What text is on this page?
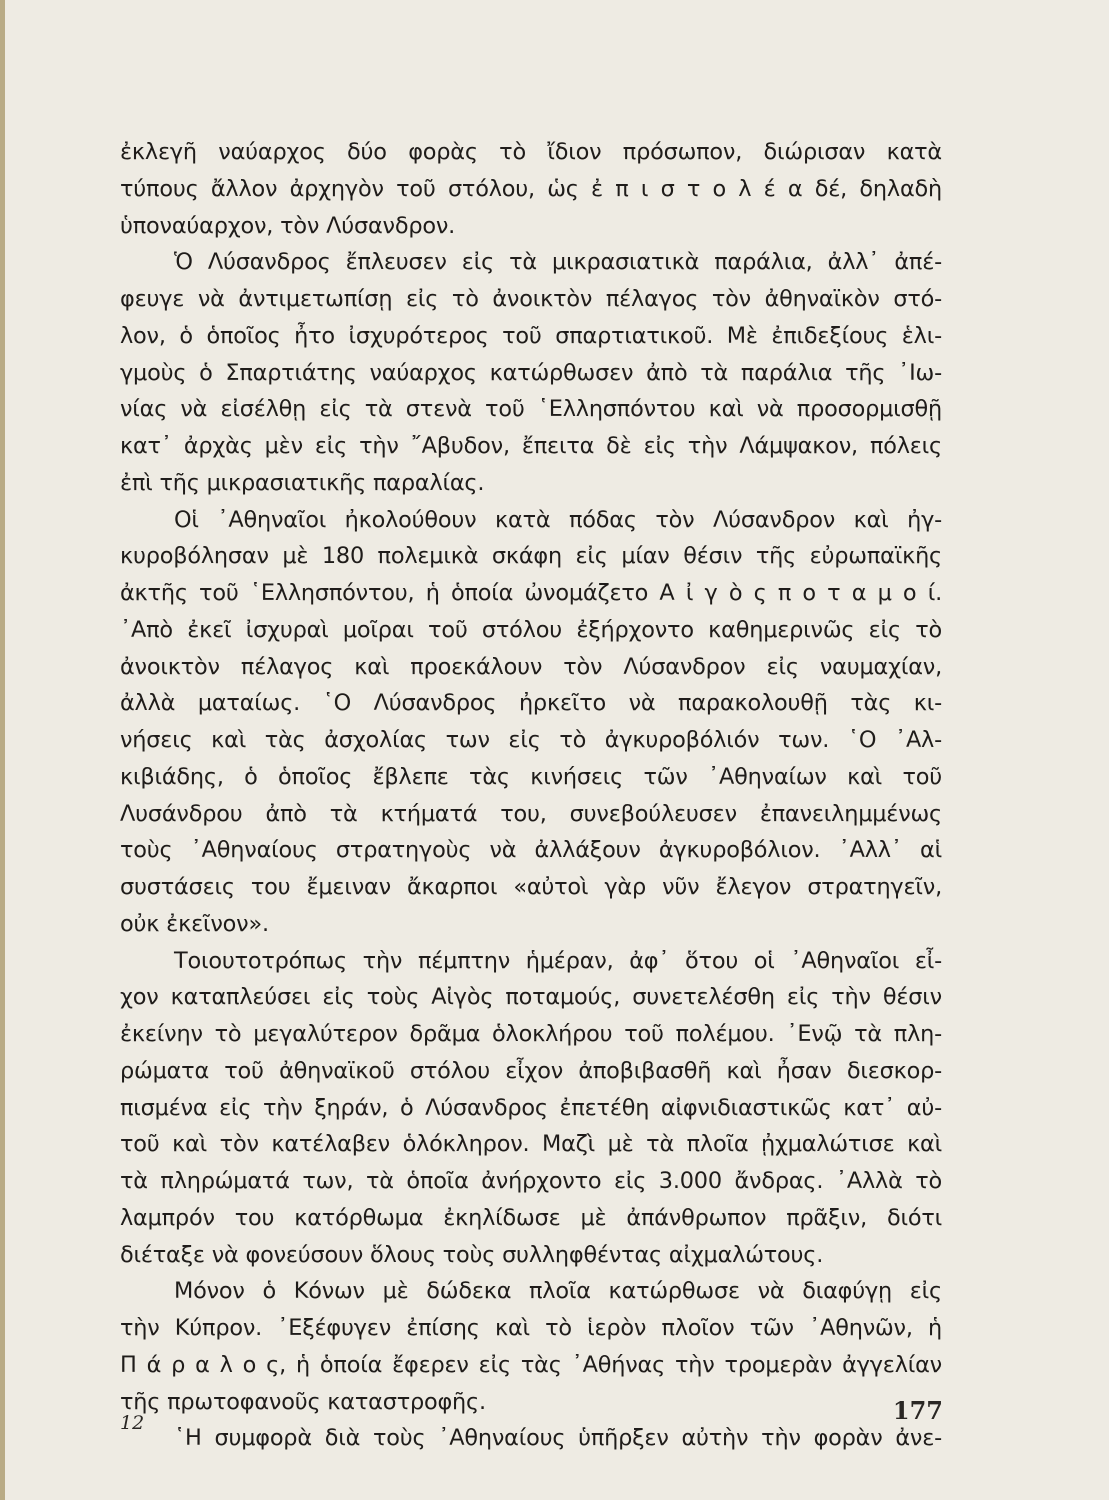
ἐκλεγῆ ναύαρχος δύο φορὰς τὸ ἴδιον πρόσωπον, διώρισαν κατὰ
τύπους ἄλλον ἀρχηγὸν τοῦ στόλου, ὡς ἐ π ι σ τ ο λ έ α δέ, δηλαδὴ
ὑποναύαρχον, τὸν Λύσανδρον.
Ὁ Λύσανδρος ἔπλευσεν εἰς τὰ μικρασιατικὰ παράλια, ἀλλ᾿ ἀπέ-
φευγε νὰ ἀντιμετωπίσῃ εἰς τὸ ἀνοικτὸν πέλαγος τὸν ἀθηναϊκὸν στό-
λον, ὁ ὁποῖος ἦτο ἰσχυρότερος τοῦ σπαρτιατικοῦ. Μὲ ἐπιδεξίους ἑλι-
γμοὺς ὁ Σπαρτιάτης ναύαρχος κατώρθωσεν ἀπὸ τὰ παράλια τῆς ᾿Ιω-
νίας νὰ εἰσέλθῃ εἰς τὰ στενὰ τοῦ ῾Ελλησπόντου καὶ νὰ προσορμισθῇ
κατ᾿ ἀρχὰς μὲν εἰς τὴν ῎Αβυδον, ἔπειτα δὲ εἰς τὴν Λάμψακον, πόλεις
ἐπὶ τῆς μικρασιατικῆς παραλίας.
Οἱ ᾿Αθηναῖοι ἠκολούθουν κατὰ πόδας τὸν Λύσανδρον καὶ ἠγ-
κυροβόλησαν μὲ 180 πολεμικὰ σκάφη εἰς μίαν θέσιν τῆς εὐρωπαϊκῆς
ἀκτῆς τοῦ ῾Ελλησπόντου, ἡ ὁποία ὠνομάζετο Α ἰ γ ὸ ς π ο τ α μ ο ί.
᾿Απὸ ἐκεῖ ἰσχυραὶ μοῖραι τοῦ στόλου ἐξήρχοντο καθημερινῶς εἰς τὸ
ἀνοικτὸν πέλαγος καὶ προεκάλουν τὸν Λύσανδρον εἰς ναυμαχίαν,
ἀλλὰ ματαίως. ῾Ο Λύσανδρος ἠρκεῖτο νὰ παρακολουθῇ τὰς κι-
νήσεις καὶ τὰς ἀσχολίας των εἰς τὸ ἀγκυροβόλιόν των. ῾Ο ᾿Αλ-
κιβιάδης, ὁ ὁποῖος ἔβλεπε τὰς κινήσεις τῶν ᾿Αθηναίων καὶ τοῦ
Λυσάνδρου ἀπὸ τὰ κτήματά του, συνεβούλευσεν ἐπανειλημμένως
τοὺς ᾿Αθηναίους στρατηγοὺς νὰ ἀλλάξουν ἀγκυροβόλιον. ᾿Αλλ᾿ αἱ
συστάσεις του ἔμειναν ἄκαρποι «αὐτοὶ γὰρ νῦν ἔλεγον στρατηγεῖν,
οὐκ ἐκεῖνον».
Τοιουτοτρόπως τὴν πέμπτην ἡμέραν, ἀφ᾿ ὅτου οἱ ᾿Αθηναῖοι εἶ-
χον καταπλεύσει εἰς τοὺς Αἰγὸς ποταμούς, συνετελέσθη εἰς τὴν θέσιν
ἐκείνην τὸ μεγαλύτερον δρᾶμα ὁλοκλήρου τοῦ πολέμου. ᾿Ενῷ τὰ πλη-
ρώματα τοῦ ἀθηναϊκοῦ στόλου εἶχον ἀποβιβασθῆ καὶ ἦσαν διεσκορ-
πισμένα εἰς τὴν ξηράν, ὁ Λύσανδρος ἐπετέθη αἰφνιδιαστικῶς κατ᾿ αὐ-
τοῦ καὶ τὸν κατέλαβεν ὁλόκληρον. Μαζὶ μὲ τὰ πλοῖα ᾐχμαλώτισε καὶ
τὰ πληρώματά των, τὰ ὁποῖα ἀνήρχοντο εἰς 3.000 ἄνδρας. ᾿Αλλὰ τὸ
λαμπρόν του κατόρθωμα ἐκηλίδωσε μὲ ἀπάνθρωπον πρᾶξιν, διότι
διέταξε νὰ φονεύσουν ὅλους τοὺς συλληφθέντας αἰχμαλώτους.
Μόνον ὁ Κόνων μὲ δώδεκα πλοῖα κατώρθωσε νὰ διαφύγῃ εἰς
τὴν Κύπρον. ᾿Εξέφυγεν ἐπίσης καὶ τὸ ἱερὸν πλοῖον τῶν ᾿Αθηνῶν, ἡ
Π ά ρ α λ ο ς, ἡ ὁποία ἔφερεν εἰς τὰς ᾿Αθήνας τὴν τρομερὰν ἀγγελίαν
τῆς πρωτοφανοῦς καταστροφῆς.
῾Η συμφορὰ διὰ τοὺς ᾿Αθηναίους ὑπῆρξεν αὐτὴν τὴν φορὰν ἀνε-
12	177
